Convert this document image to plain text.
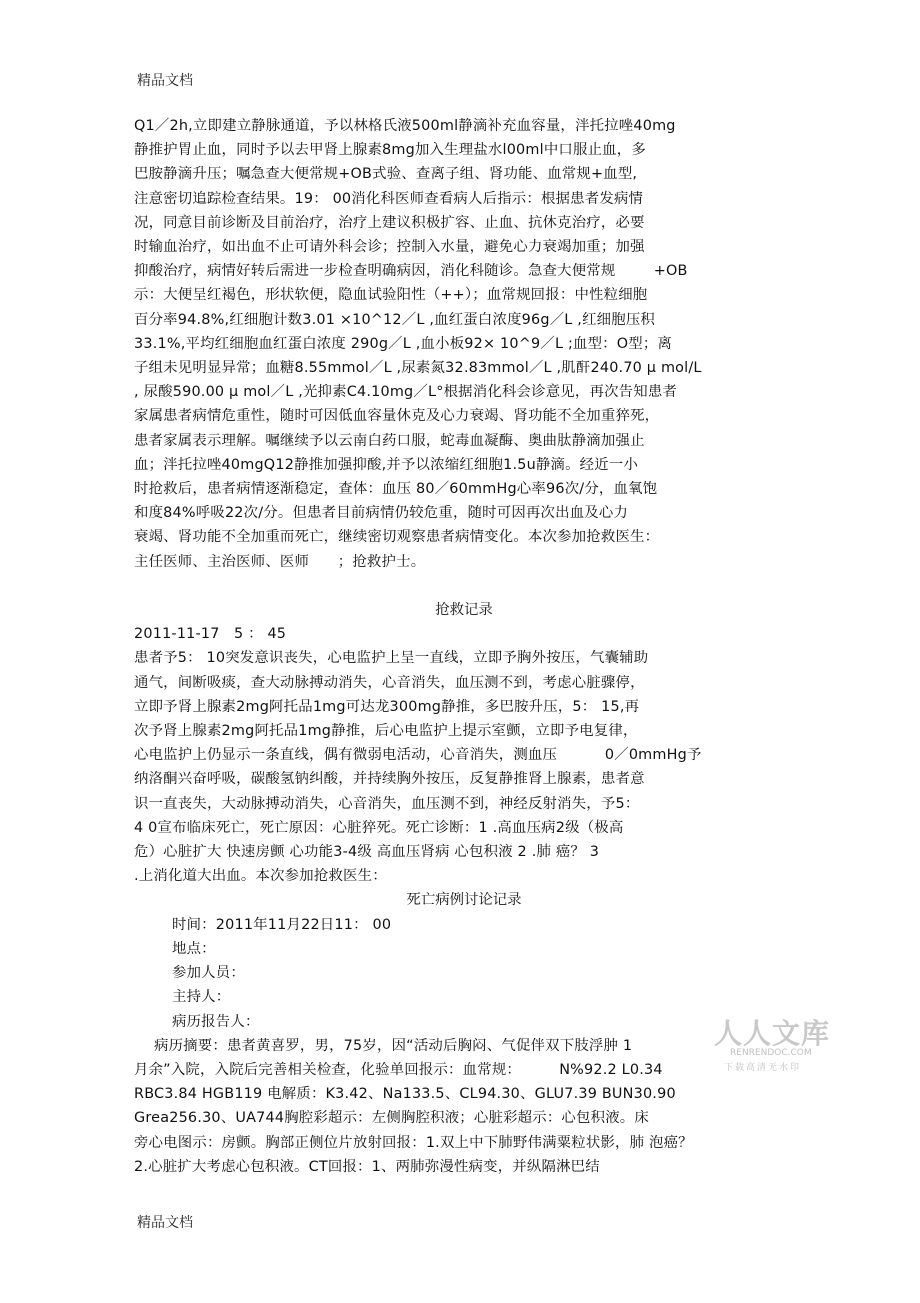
精品文档
Q1／2h,立即建立静脉通道，予以林格氏液500ml静滴补充血容量，泮托拉唑40mg
静推护胃止血，同时予以去甲肾上腺素8mg加入生理盐水l00ml中口服止血，多
巴胺静滴升压；嘱急查大便常规+OB式验、查离子组、肾功能、血常规+血型,
注意密切追踪检查结果。19： 00消化科医师查看病人后指示：根据患者发病情
况，同意目前诊断及目前治疗，治疗上建议积极扩容、止血、抗休克治疗，必要
时输血治疗，如出血不止可请外科会诊；控制入水量，避免心力衰竭加重；加强
抑酸治疗，病情好转后需进一步检查明确病因，消化科随诊。急查大便常规        +OB
示：大便呈红褐色，形状软便，隐血试验阳性（++）；血常规回报：中性粒细胞
百分率94.8%,红细胞计数3.01 ×10^12／L ,血红蛋白浓度96g／L ,红细胞压积
33.1%,平均红细胞血红蛋白浓度 290g／L ,血小板92× 10^9／L ;血型：O型；离
子组未见明显异常；血糖8.55mmol／L ,尿素氮32.83mmol／L ,肌酐240.70 μ mol/L
, 尿酸590.00 μ mol／L ,光抑素C4.10mg／L°根据消化科会诊意见，再次告知患者
家属患者病情危重性，随时可因低血容量休克及心力衰竭、肾功能不全加重猝死，
患者家属表示理解。嘱继续予以云南白药口服，蛇毒血凝酶、奥曲肽静滴加强止
血；泮托拉唑40mgQ12静推加强抑酸,并予以浓缩红细胞1.5u静滴。经近一小
时抢救后，患者病情逐渐稳定，查体：血压 80／60mmHg心率96次/分，血氧饱
和度84%呼吸22次/分。但患者目前病情仍较危重，随时可因再次出血及心力
衰竭、肾功能不全加重而死亡，继续密切观察患者病情变化。本次参加抢救医生：
主任医师、主治医师、医师      ；抢救护士。
抢救记录
2011-11-17   5 ： 45
患者予5： 10突发意识丧失，心电监护上呈一直线，立即予胸外按压，气囊辅助
通气，间断吸痰，查大动脉搏动消失，心音消失，血压测不到，考虑心脏骤停，
立即予肾上腺素2mg阿托品1mg可达龙300mg静推，多巴胺升压，5： 15,再
次予肾上腺素2mg阿托品1mg静推，后心电监护上提示室颤，立即予电复律，
心电监护上仍显示一条直线，偶有微弱电活动，心音消失，测血压          0／0mmHg予
纳洛酮兴奋呼吸，碳酸氢钠纠酸，并持续胸外按压，反复静推肾上腺素，患者意
识一直丧失，大动脉搏动消失，心音消失，血压测不到，神经反射消失，予5：
4 0宣布临床死亡，死亡原因：心脏猝死。死亡诊断：1 .高血压病2级（极高
危）心脏扩大 快速房颤 心功能3-4级 高血压肾病 心包积液 2 .肺 癌？ 3
.上消化道大出血。本次参加抢救医生：
死亡病例讨论记录
时间：2011年11月22日11： 00
地点：
参加人员：
主持人：
病历报告人：
病历摘要：患者黄喜罗，男，75岁，因“活动后胸闷、气促伴双下肢浮肿 1
月余”入院，入院后完善相关检查，化验单回报示：血常规：        N%92.2 L0.34
RBC3.84 HGB119 电解质：K3.42、Na133.5、CL94.30、GLU7.39 BUN30.90
Grea256.30、UA744胸腔彩超示：左侧胸腔积液；心脏彩超示：心包积液。床
旁心电图示：房颤。胸部正侧位片放射回报：1.双上中下肺野伟满粟粒状影，肺 泡癌？
2.心脏扩大考虑心包积液。CT回报：1、两肺弥漫性病变，并纵隔淋巴结
人人文库
RENRENDOC.COM
下载高清无水印
精品文档
